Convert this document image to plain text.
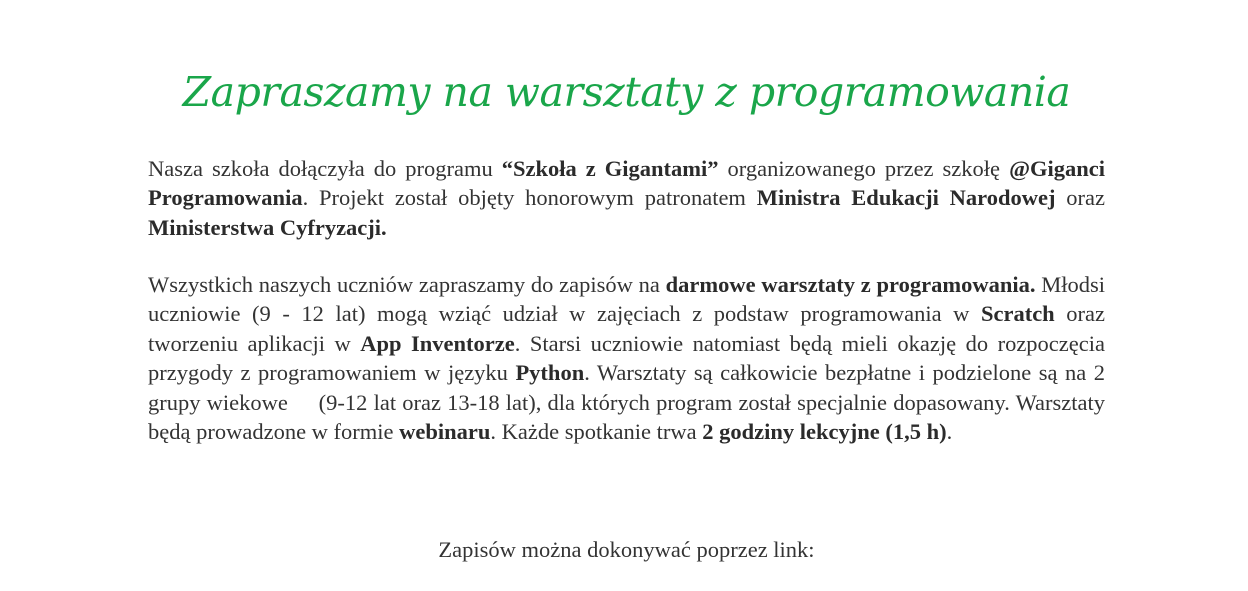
Zapraszamy na warsztaty z programowania

Nasza szkoła dołączyła do programu “Szkoła z Gigantami” organizowanego przez szkołę @Giganci Programowania. Projekt został objęty honorowym patronatem Ministra Edukacji Narodowej oraz Ministerstwa Cyfryzacji.

Wszystkich naszych uczniów zapraszamy do zapisów na darmowe warsztaty z programowania. Młodsi uczniowie (9 - 12 lat) mogą wziąć udział w zajęciach z podstaw programowania w Scratch oraz tworzeniu aplikacji w App Inventorze. Starsi uczniowie natomiast będą mieli okazję do rozpoczęcia przygody z programowaniem w języku Python. Warsztaty są całkowicie bezpłatne i podzielone są na 2 grupy wiekowe     (9-12 lat oraz 13-18 lat), dla których program został specjalnie dopasowany. Warsztaty będą prowadzone w formie webinaru. Każde spotkanie trwa 2 godziny lekcyjne (1,5 h).

Zapisów można dokonywać poprzez link:
